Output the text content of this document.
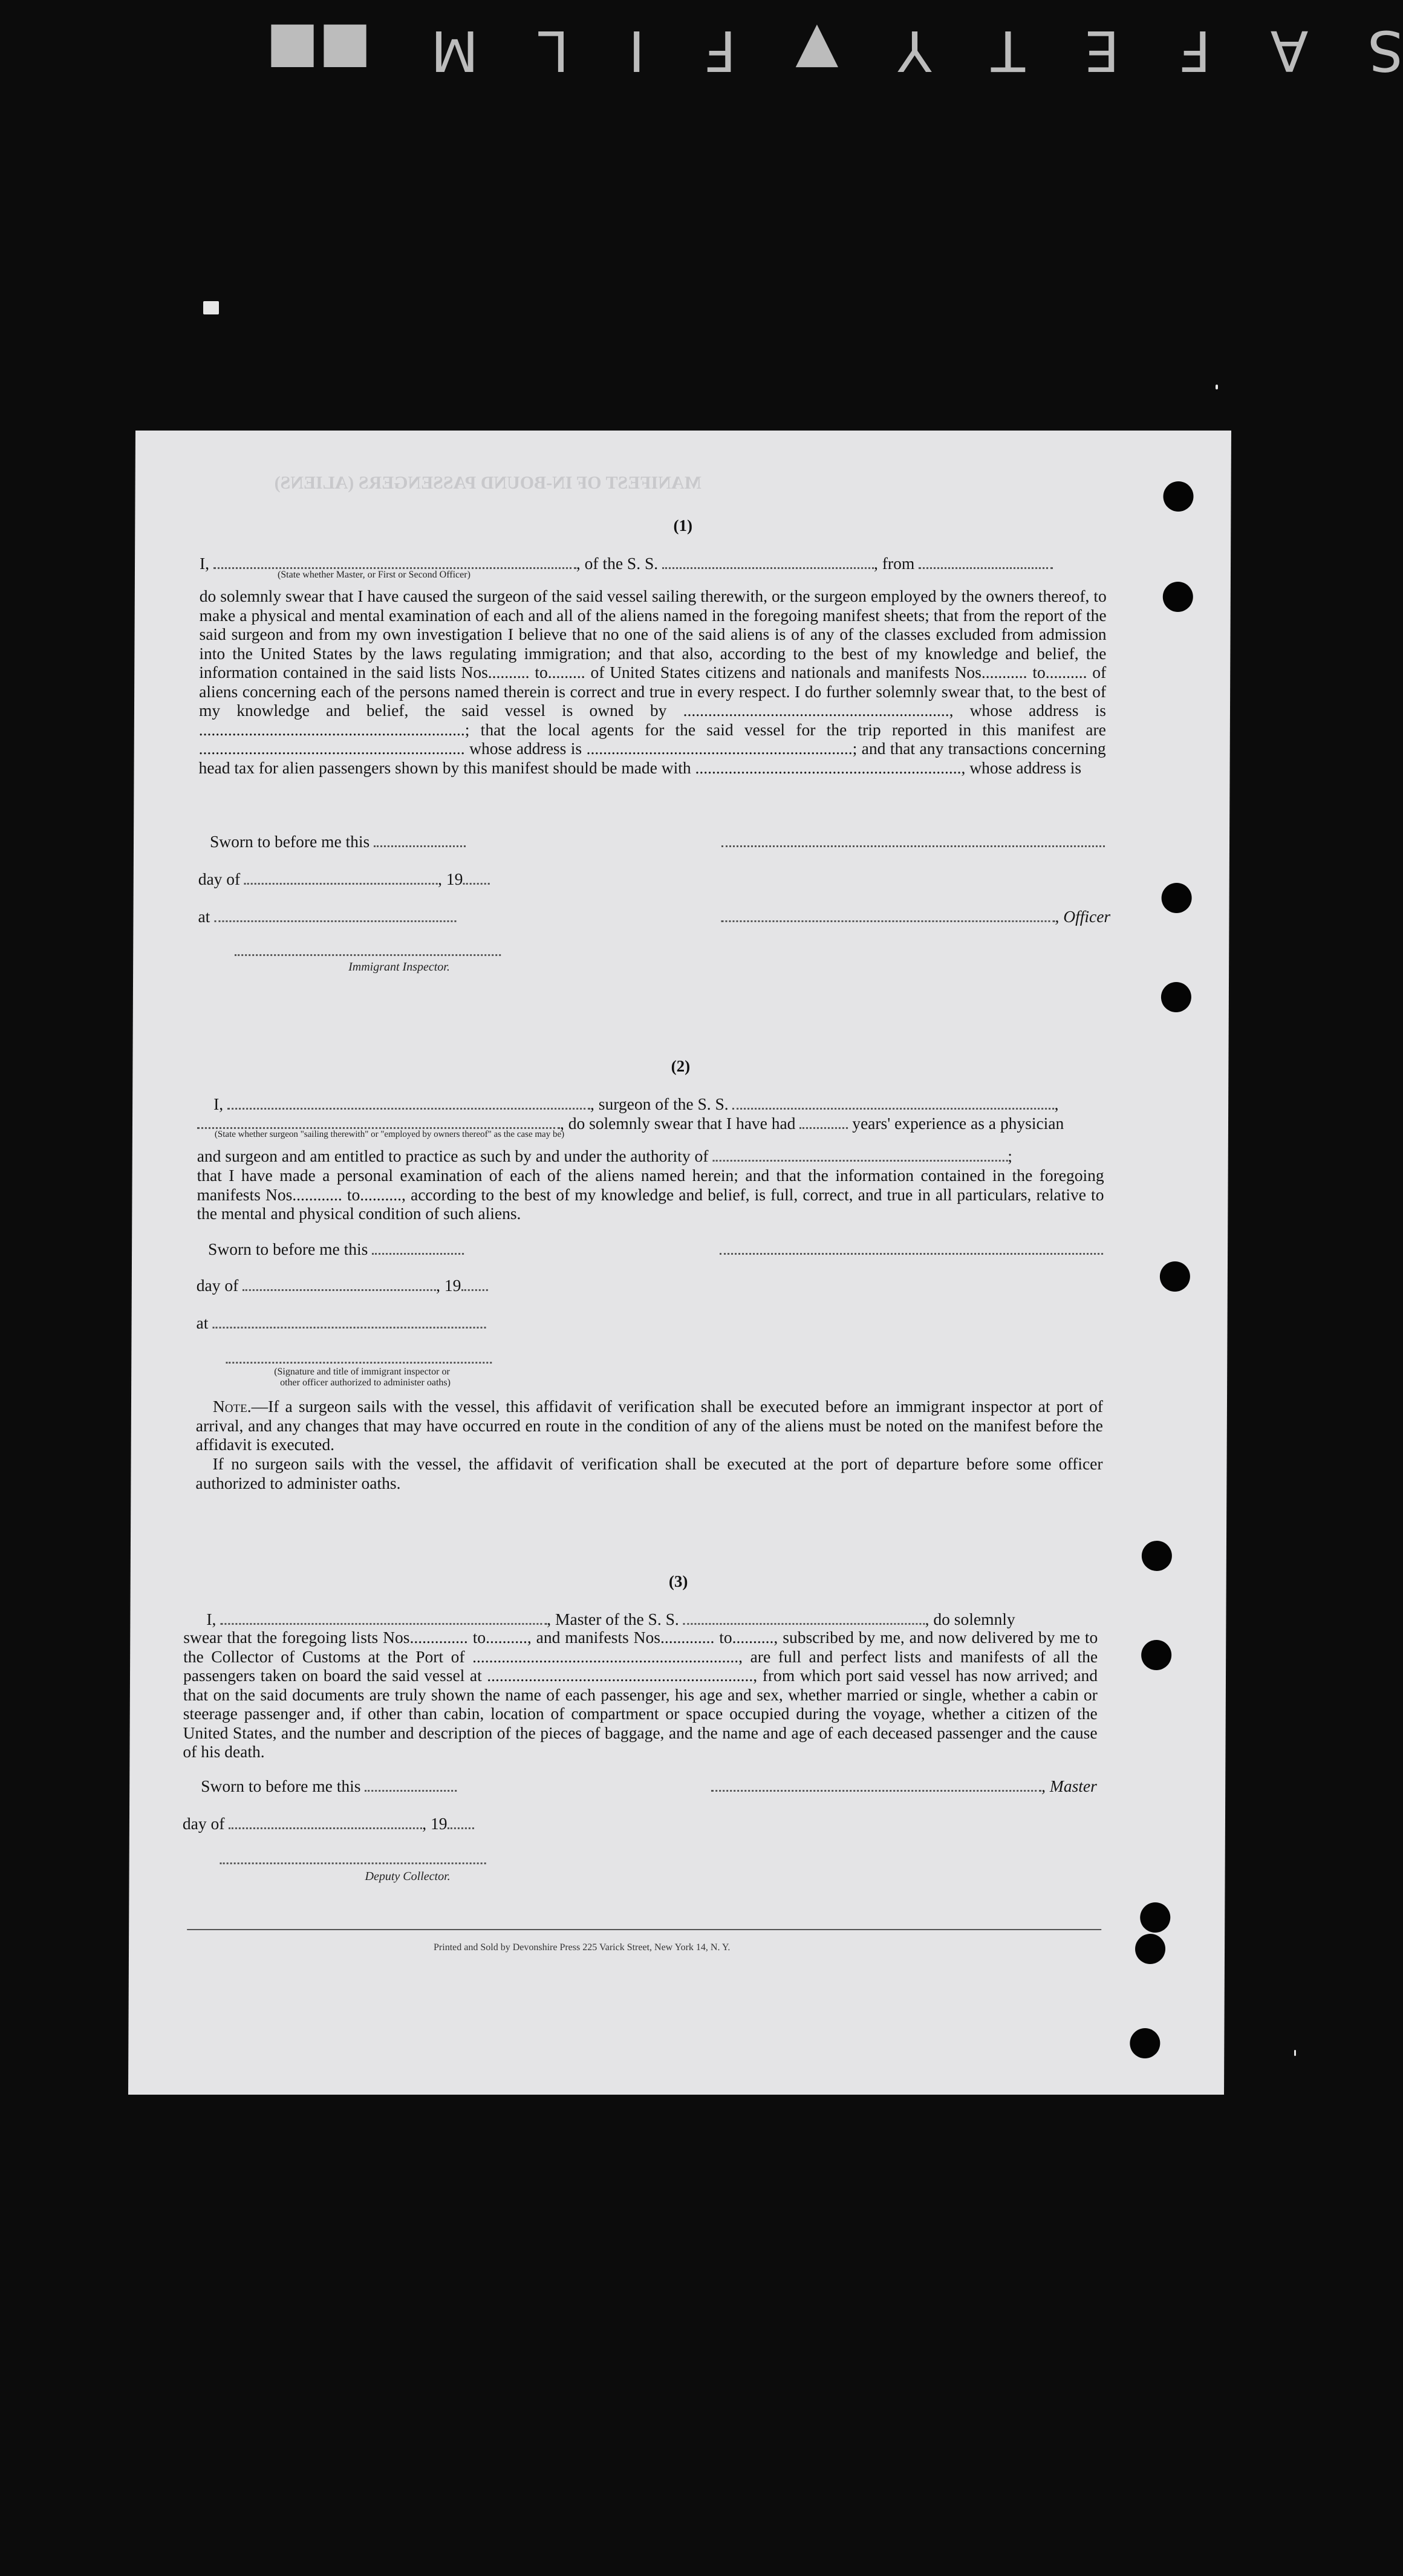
S
A
F
E
T
Y
▼
F
I
L
M
■■
MANIFEST OF IN-BOUND PASSENGERS (ALIENS)
(1)
I,	, of the S. S.	, from
(State whether Master, or First or Second Officer)
do solemnly swear that I have caused the surgeon of the said vessel sailing therewith, or the surgeon employed by the owners thereof, to make a physical and mental examination of each and all of the aliens named in the foregoing manifest sheets; that from the report of the said surgeon and from my own investigation I believe that no one of the said aliens is of any of the classes excluded from admission into the United States by the laws regulating immigration; and that also, according to the best of my knowledge and belief, the information contained in the said lists Nos.......... to......... of United States citizens and nationals and manifests Nos........... to.......... of aliens concerning each of the persons named therein is correct and true in every respect. I do further solemnly swear that, to the best of my knowledge and belief, the said vessel is owned by ................................................................, whose address is ................................................................; that the local agents for the said vessel for the trip reported in this manifest are ................................................................ whose address is ................................................................; and that any transactions concerning head tax for alien passengers shown by this manifest should be made with ................................................................, whose address is
Sworn to before me this
day of	, 19
at	, Officer
Immigrant Inspector.
(2)
I,	, surgeon of the S. S.	,
, do solemnly swear that I have had	years' experience as a physician
(State whether surgeon "sailing therewith" or "employed by owners thereof" as the case may be)
and surgeon and am entitled to practice as such by and under the authority of	;
that I have made a personal examination of each of the aliens named herein; and that the information contained in the foregoing manifests Nos............ to.........., according to the best of my knowledge and belief, is full, correct, and true in all particulars, relative to the mental and physical condition of such aliens.
Sworn to before me this
day of	, 19
at
(Signature and title of immigrant inspector or
other officer authorized to administer oaths)
Note.—If a surgeon sails with the vessel, this affidavit of verification shall be executed before an immigrant inspector at port of arrival, and any changes that may have occurred en route in the condition of any of the aliens must be noted on the manifest before the affidavit is executed.
If no surgeon sails with the vessel, the affidavit of verification shall be executed at the port of departure before some officer authorized to administer oaths.
(3)
I,	, Master of the S. S.	, do solemnly
swear that the foregoing lists Nos.............. to.........., and manifests Nos............. to.........., subscribed by me, and now delivered by me to the Collector of Customs at the Port of ................................................................, are full and perfect lists and manifests of all the passengers taken on board the said vessel at ................................................................, from which port said vessel has now arrived; and that on the said documents are truly shown the name of each passenger, his age and sex, whether married or single, whether a cabin or steerage passenger and, if other than cabin, location of compartment or space occupied during the voyage, whether a citizen of the United States, and the number and description of the pieces of baggage, and the name and age of each deceased passenger and the cause of his death.
Sworn to before me this	, Master
day of	, 19
Deputy Collector.
Printed and Sold by Devonshire Press 225 Varick Street, New York 14, N. Y.
